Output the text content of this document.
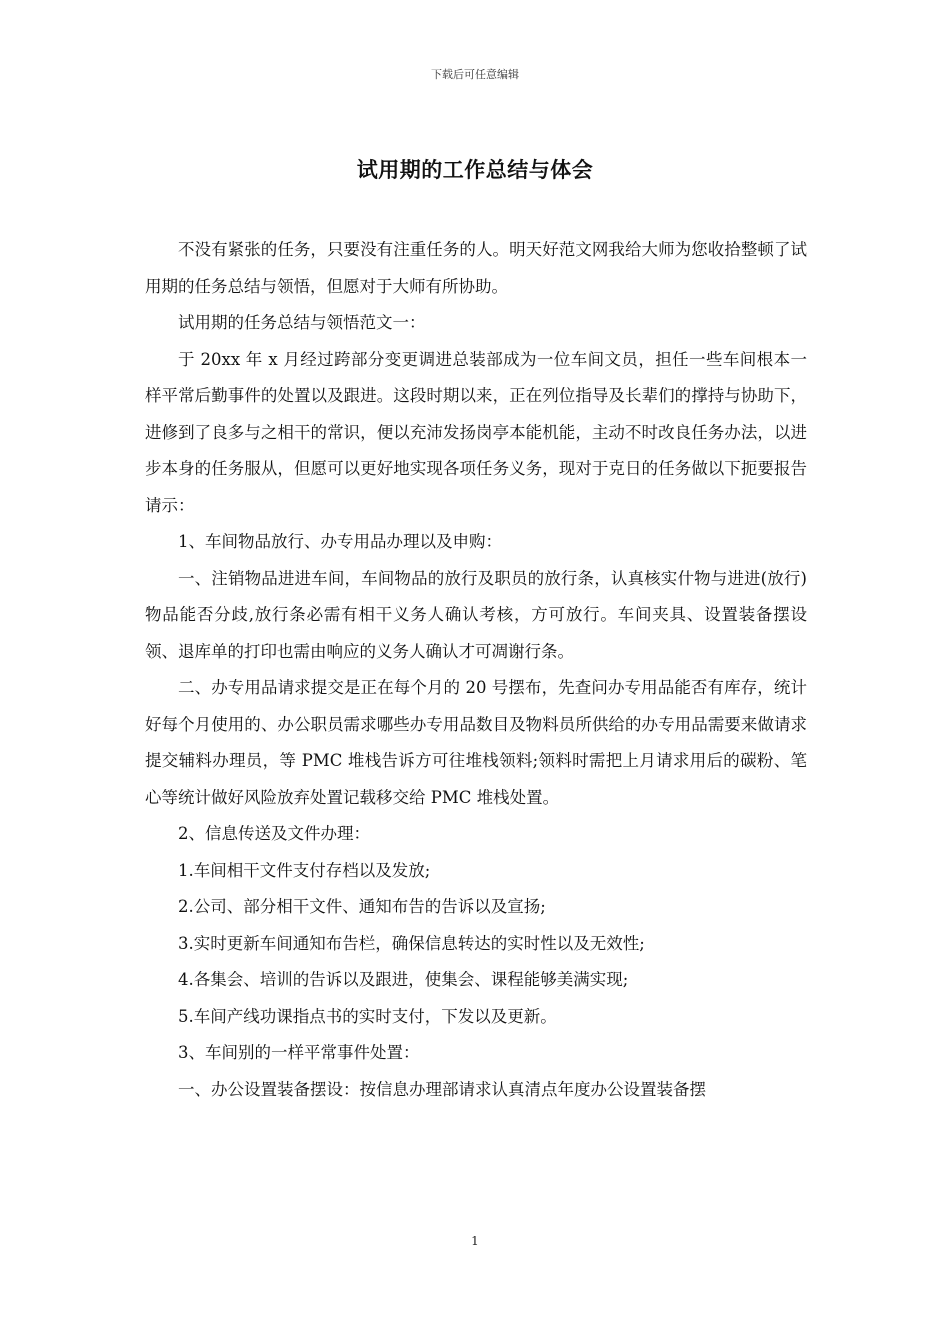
下载后可任意编辑
试用期的工作总结与体会

不没有紧张的任务，只要没有注重任务的人。明天好范文网我给大师为您收拾整顿了试用期的任务总结与领悟，但愿对于大师有所协助。

试用期的任务总结与领悟范文一：

于 20xx 年 x 月经过跨部分变更调进总装部成为一位车间文员，担任一些车间根本一样平常后勤事件的处置以及跟进。这段时期以来，正在列位指导及长辈们的撑持与协助下，进修到了良多与之相干的常识，便以充沛发扬岗亭本能机能，主动不时改良任务办法，以进步本身的任务服从，但愿可以更好地实现各项任务义务，现对于克日的任务做以下扼要报告请示：

1、车间物品放行、办专用品办理以及申购：

一、注销物品进进车间，车间物品的放行及职员的放行条，认真核实什物与进进(放行)物品能否分歧,放行条必需有相干义务人确认考核，方可放行。车间夹具、设置装备摆设领、退库单的打印也需由响应的义务人确认才可凋谢行条。

二、办专用品请求提交是正在每个月的 20 号摆布，先查问办专用品能否有库存，统计好每个月使用的、办公职员需求哪些办专用品数目及物料员所供给的办专用品需要来做请求提交辅料办理员，等 PMC 堆栈告诉方可往堆栈领料;领料时需把上月请求用后的碳粉、笔心等统计做好风险放弃处置记载移交给 PMC 堆栈处置。

2、信息传送及文件办理：

1.车间相干文件支付存档以及发放;

2.公司、部分相干文件、通知布告的告诉以及宣扬;

3.实时更新车间通知布告栏，确保信息转达的实时性以及无效性;

4.各集会、培训的告诉以及跟进，使集会、课程能够美满实现;

5.车间产线功课指点书的实时支付，下发以及更新。

3、车间别的一样平常事件处置：

一、办公设置装备摆设：按信息办理部请求认真清点年度办公设置装备摆

1
